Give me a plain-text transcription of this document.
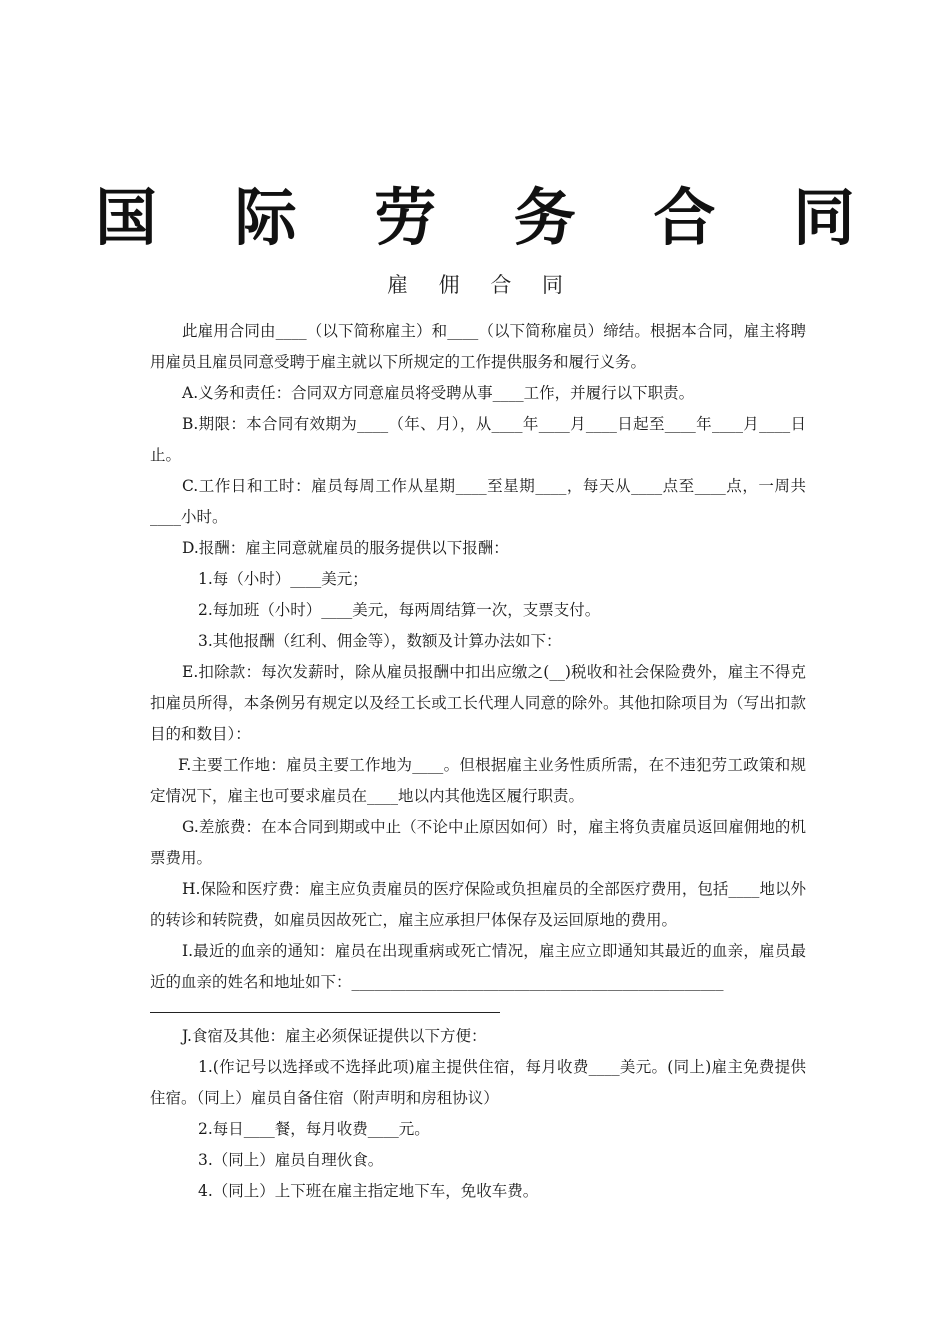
国 际 劳 务 合 同
雇 佣 合 同

此雇用合同由____（以下简称雇主）和____（以下简称雇员）缔结。根据本合同，雇主将聘用雇员且雇员同意受聘于雇主就以下所规定的工作提供服务和履行义务。

A.义务和责任：合同双方同意雇员将受聘从事____工作，并履行以下职责。

B.期限：本合同有效期为____（年、月），从____年____月____日起至____年____月____日止。

C.工作日和工时：雇员每周工作从星期____至星期____，每天从____点至____点，一周共____小时。

D.报酬：雇主同意就雇员的服务提供以下报酬：

1.每（小时）____美元；

2.每加班（小时）____美元，每两周结算一次，支票支付。

3.其他报酬（红利、佣金等），数额及计算办法如下：

E.扣除款：每次发薪时，除从雇员报酬中扣出应缴之(__)税收和社会保险费外，雇主不得克扣雇员所得，本条例另有规定以及经工长或工长代理人同意的除外。其他扣除项目为（写出扣款目的和数目）：

F.主要工作地：雇员主要工作地为____。但根据雇主业务性质所需，在不违犯劳工政策和规定情况下，雇主也可要求雇员在____地以内其他选区履行职责。

G.差旅费：在本合同到期或中止（不论中止原因如何）时，雇主将负责雇员返回雇佣地的机票费用。

H.保险和医疗费：雇主应负责雇员的医疗保险或负担雇员的全部医疗费用，包括____地以外的转诊和转院费，如雇员因故死亡，雇主应承担尸体保存及运回原地的费用。

I.最近的血亲的通知：雇员在出现重病或死亡情况，雇主应立即通知其最近的血亲，雇员最近的血亲的姓名和地址如下：________________________________________________

J.食宿及其他：雇主必须保证提供以下方便：

1.(作记号以选择或不选择此项)雇主提供住宿，每月收费____美元。(同上)雇主免费提供住宿。（同上）雇员自备住宿（附声明和房租协议）

2.每日____餐，每月收费____元。

3.（同上）雇员自理伙食。

4.（同上）上下班在雇主指定地下车，免收车费。
